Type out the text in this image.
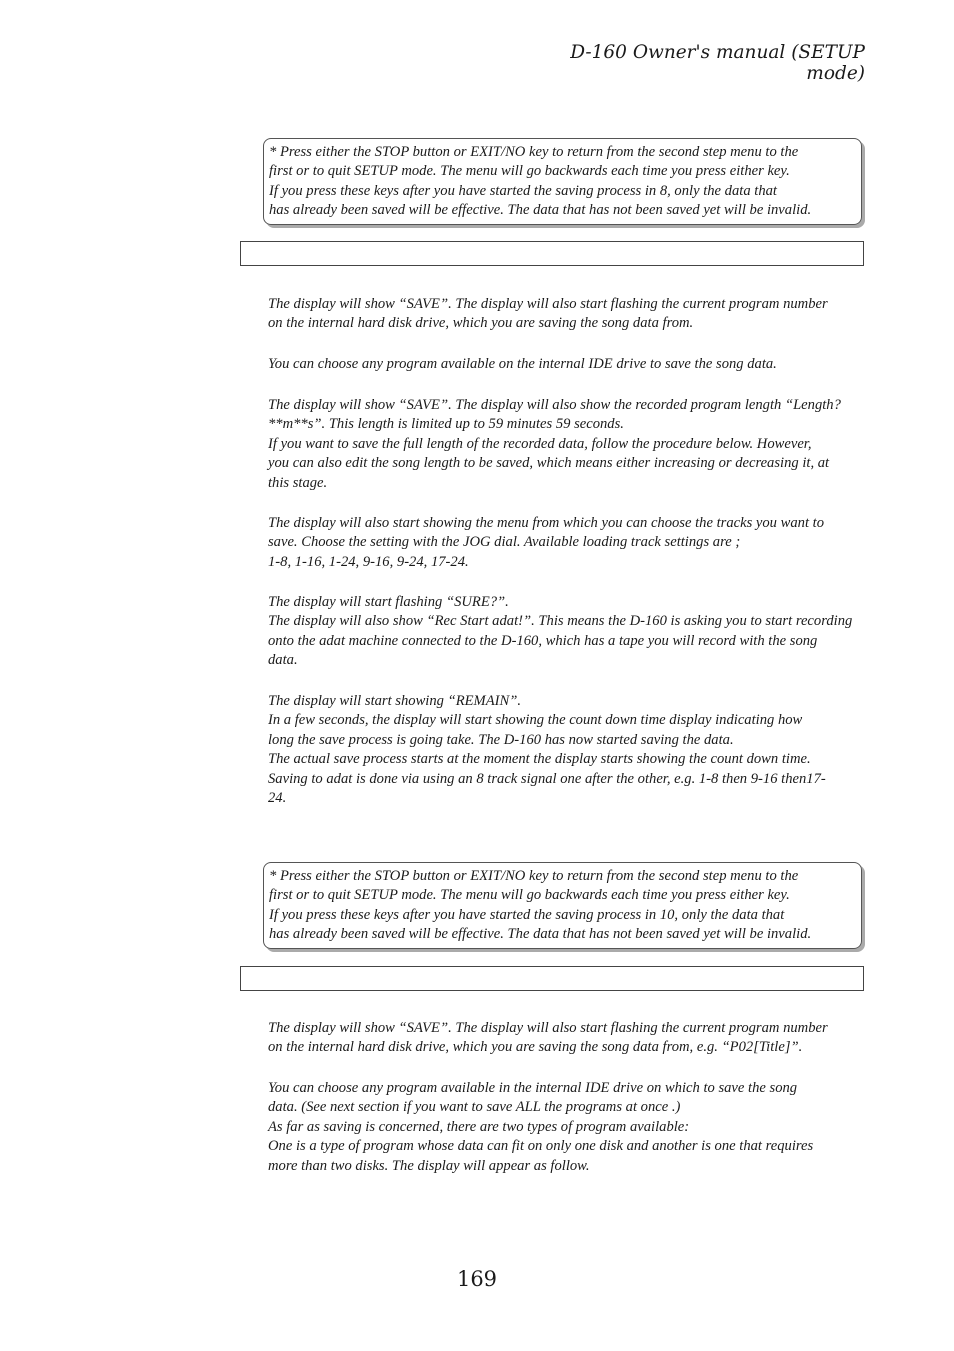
D-160 Owner's manual (SETUP mode)

* Press either the STOP button or EXIT/NO key to return from the second step menu to the

first or to quit SETUP mode. The menu will go backwards each time you press either key.

If you press these keys after you have started the saving process in 8, only the data that

has already been saved will be effective. The data that has not been saved yet will be invalid.

The display will show “SAVE”. The display will also start flashing the current program number

on the internal hard disk drive, which you are saving the song data from.

You can choose any program available on the internal IDE drive to save the song data.

The display will show “SAVE”. The display will also show the recorded program length “Length?

**m**s”. This length is limited up to 59 minutes 59 seconds.

If you want to save the full length of the recorded data, follow the procedure below. However,

you can also edit the song length to be saved, which means either increasing or decreasing it, at

this stage.

The display will also start showing the menu from which you can choose the tracks you want to

save. Choose the setting with the JOG dial. Available loading track settings are ;

1-8, 1-16, 1-24, 9-16, 9-24, 17-24.

The display will start flashing “SURE?”.

The display will also show “Rec Start adat!”. This means the D-160 is asking you to start recording

onto the adat machine connected to the D-160, which has a tape you will record with the song

data.

The display will start showing “REMAIN”.

In a few seconds, the display will start showing the count down time display indicating how

long the save process is going take. The D-160 has now started saving the data.

The actual save process starts at the moment the display starts showing the count down time.

Saving to adat is done via using an 8 track signal one after the other, e.g. 1-8 then 9-16 then17-

24.

* Press either the STOP button or EXIT/NO key to return from the second step menu to the

first or to quit SETUP mode. The menu will go backwards each time you press either key.

If you press these keys after you have started the saving process in 10, only the data that

has already been saved will be effective. The data that has not been saved yet will be invalid.

The display will show “SAVE”. The display will also start flashing the current program number

on the internal hard disk drive, which you are saving the song data from, e.g. “P02[Title]”.

You can choose any program available in the internal IDE drive on which to save the song

data. (See next section if you want to save ALL the programs at once .)

As far as saving is concerned, there are two types of program available:

One is a type of program whose data can fit on only one disk and another is one that requires

more than two disks. The display will appear as follow.

169
